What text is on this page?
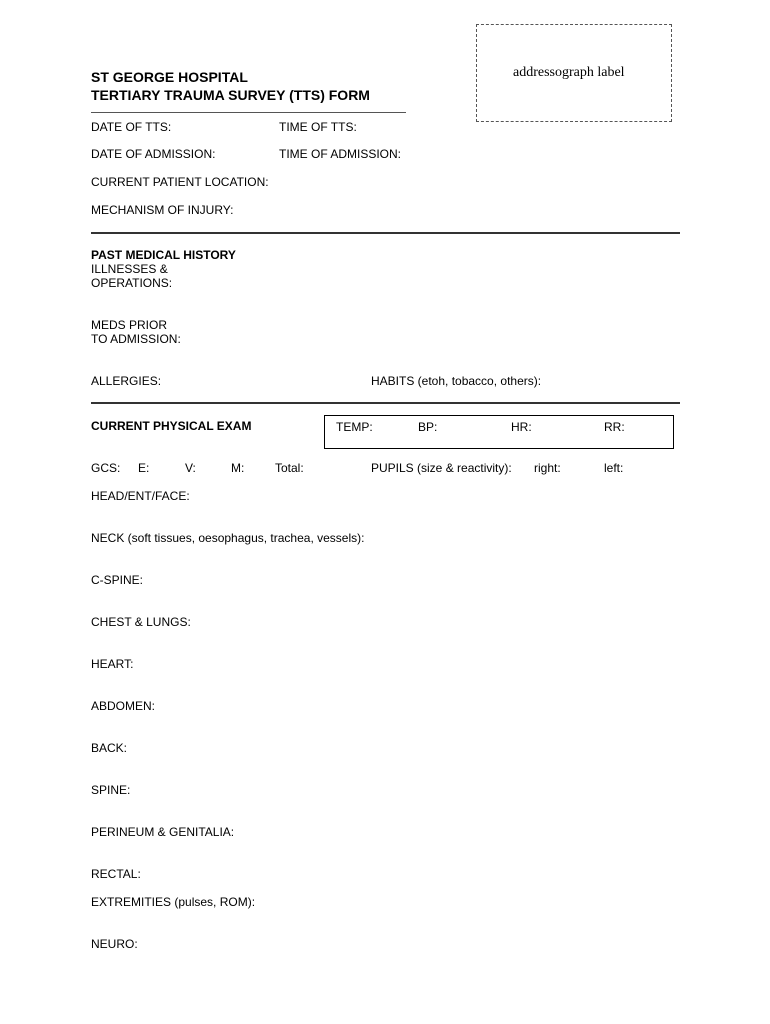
addressograph label
ST GEORGE HOSPITAL
TERTIARY TRAUMA SURVEY (TTS) FORM
DATE OF TTS:	TIME OF TTS:
DATE OF ADMISSION:	TIME OF ADMISSION:
CURRENT PATIENT LOCATION:
MECHANISM OF INJURY:
PAST MEDICAL HISTORY
ILLNESSES &
OPERATIONS:
MEDS PRIOR
TO ADMISSION:
ALLERGIES:	HABITS (etoh, tobacco, others):
CURRENT PHYSICAL EXAM	TEMP:	BP:	HR:	RR:
GCS: E:	V:	M:	Total:	PUPILS (size & reactivity): right:	left:
HEAD/ENT/FACE:
NECK (soft tissues, oesophagus, trachea, vessels):
C-SPINE:
CHEST & LUNGS:
HEART:
ABDOMEN:
BACK:
SPINE:
PERINEUM & GENITALIA:
RECTAL:
EXTREMITIES (pulses, ROM):
NEURO:
